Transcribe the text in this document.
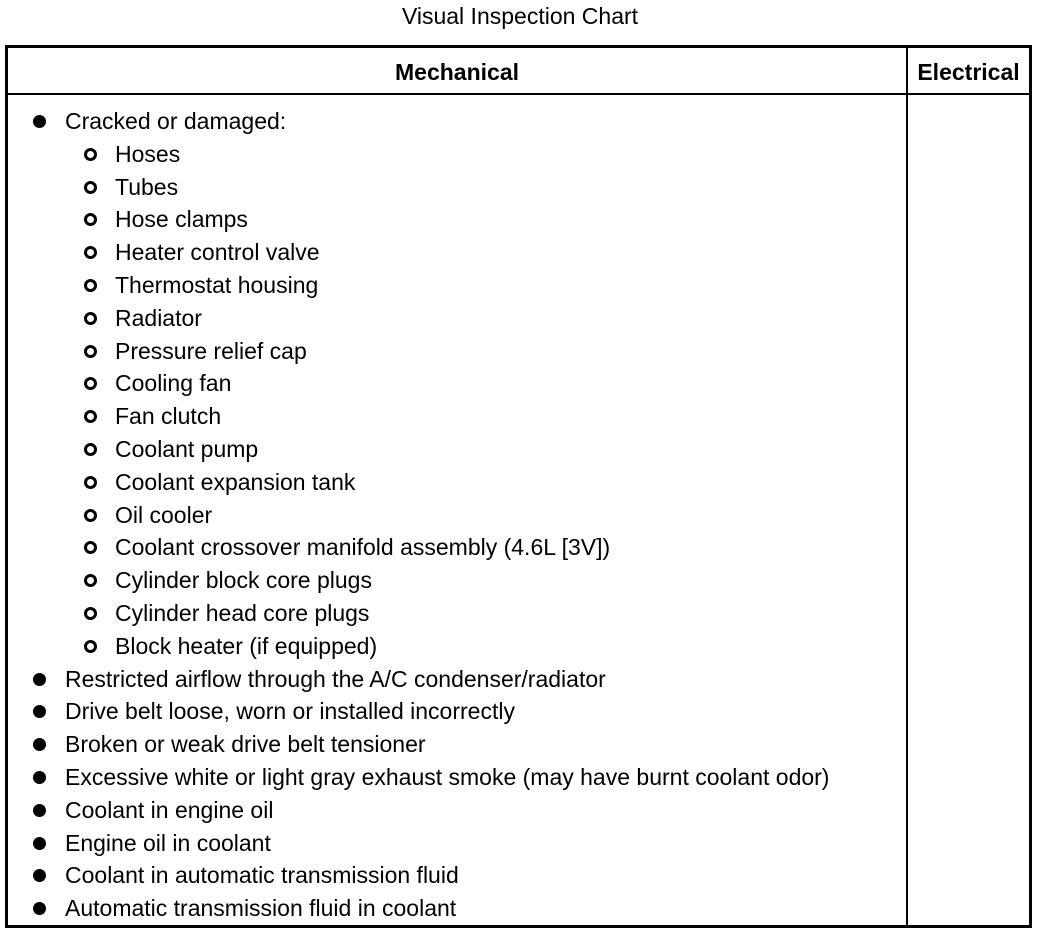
Visual Inspection Chart
Mechanical	Electrical
Cracked or damaged:
Hoses
Tubes
Hose clamps
Heater control valve
Thermostat housing
Radiator
Pressure relief cap
Cooling fan
Fan clutch
Coolant pump
Coolant expansion tank
Oil cooler
Coolant crossover manifold assembly (4.6L [3V])
Cylinder block core plugs
Cylinder head core plugs
Block heater (if equipped)
Restricted airflow through the A/C condenser/radiator
Drive belt loose, worn or installed incorrectly
Broken or weak drive belt tensioner
Excessive white or light gray exhaust smoke (may have burnt coolant odor)
Coolant in engine oil
Engine oil in coolant
Coolant in automatic transmission fluid
Automatic transmission fluid in coolant
